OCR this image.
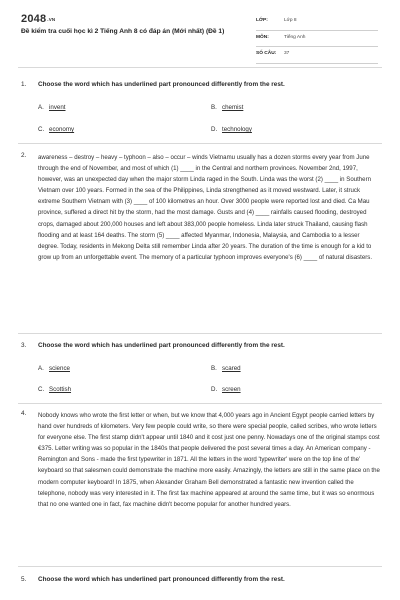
$2048^{.VN}$
Đề kiểm tra cuối học kì 2 Tiếng Anh 8 có đáp án (Mới nhất) (Đề 1)
LỚP:	Lớp 8
MÔN:	Tiếng Anh
SỐ CÂU: 37
1. Choose the word which has underlined part pronounced differently from the rest.
A. invent	B. chemist
C. economy	D. technology
2. awareness – destroy – heavy – typhoon – also – occur – winds Vietnamu usually has a dozen storms every year from June through the end of November, and most of which (1) ____ in the Central and northern provinces. November 2nd, 1997, however, was an unexpected day when the major storm Linda raged in the South. Linda was the worst (2) ____ in Southern Vietnam over 100 years. Formed in the sea of the Philippines, Linda strengthened as it moved westward. Later, it struck extreme Southern Vietnam with (3) ____ of 100 kilometres an hour. Over 3000 people were reported lost and died. Ca Mau province, suffered a direct hit by the storm, had the most damage. Gusts and (4) ____ rainfalls caused flooding, destroyed crops, damaged about 200,000 houses and left about 383,000 people homeless. Linda later struck Thailand, causing flash flooding and at least 164 deaths. The storm (5) ____ affected Myanmar, Indonesia, Malaysia, and Cambodia to a lesser degree. Today, residents in Mekong Delta still remember Linda after 20 years. The duration of the time is enough for a kid to grow up from an unforgettable event. The memory of a particular typhoon improves everyone's (6) ____ of natural disasters.
3. Choose the word which has underlined part pronounced differently from the rest.
A. science	B. scared
C. Scottish	D. screen
4. Nobody knows who wrote the first letter or when, but we know that 4,000 years ago in Ancient Egypt people carried letters by hand over hundreds of kilometers. Very few people could write, so there were special people, called scribes, who wrote letters for everyone else. The first stamp didn't appear until 1840 and it cost just one penny. Nowadays one of the original stamps cost €375. Letter writing was so popular in the 1840s that people delivered the post several times a day. An American company - Remington and Sons - made the first typewriter in 1871. All the letters in the word 'typewriter' were on the top line of the' keyboard so that salesmen could demonstrate the machine more easily. Amazingly, the letters are still in the same place on the modern computer keyboard! In 1875, when Alexander Graham Bell demonstrated a fantastic new invention called the telephone, nobody was very interested in it. The first fax machine appeared at around the same time, but it was so enormous that no one wanted one in fact, fax machine didn't become popular for another hundred years.
5. Choose the word which has underlined part pronounced differently from the rest.
